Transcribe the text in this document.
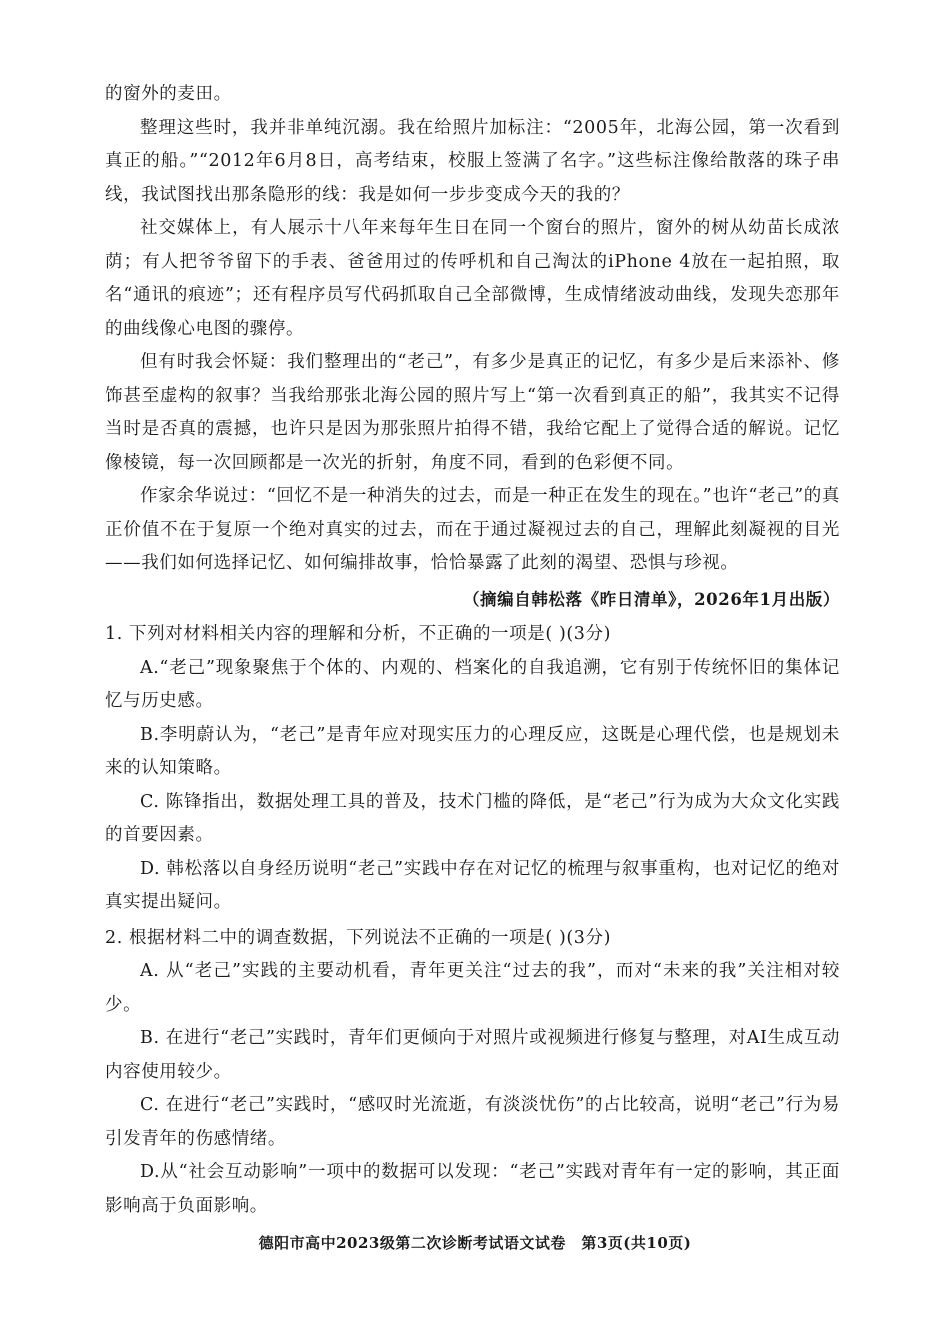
的窗外的麦田。

整理这些时，我并非单纯沉溺。我在给照片加标注：“2005年，北海公园，第一次看到真正的船。”“2012年6月8日，高考结束，校服上签满了名字。”这些标注像给散落的珠子串线，我试图找出那条隐形的线：我是如何一步步变成今天的我的？

社交媒体上，有人展示十八年来每年生日在同一个窗台的照片，窗外的树从幼苗长成浓荫；有人把爷爷留下的手表、爸爸用过的传呼机和自己淘汰的iPhone 4放在一起拍照，取名“通讯的痕迹”；还有程序员写代码抓取自己全部微博，生成情绪波动曲线，发现失恋那年的曲线像心电图的骤停。

但有时我会怀疑：我们整理出的“老己”，有多少是真正的记忆，有多少是后来添补、修饰甚至虚构的叙事？当我给那张北海公园的照片写上“第一次看到真正的船”，我其实不记得当时是否真的震撼，也许只是因为那张照片拍得不错，我给它配上了觉得合适的解说。记忆像棱镜，每一次回顾都是一次光的折射，角度不同，看到的色彩便不同。

作家余华说过：“回忆不是一种消失的过去，而是一种正在发生的现在。”也许“老己”的真正价值不在于复原一个绝对真实的过去，而在于通过凝视过去的自己，理解此刻凝视的目光——我们如何选择记忆、如何编排故事，恰恰暴露了此刻的渴望、恐惧与珍视。

（摘编自韩松落《昨日清单》，2026年1月出版）

1. 下列对材料相关内容的理解和分析，不正确的一项是( )(3分)

A.“老己”现象聚焦于个体的、内观的、档案化的自我追溯，它有别于传统怀旧的集体记忆与历史感。

B.李明蔚认为，“老己”是青年应对现实压力的心理反应，这既是心理代偿，也是规划未来的认知策略。

C. 陈锋指出，数据处理工具的普及，技术门槛的降低，是“老己”行为成为大众文化实践的首要因素。

D. 韩松落以自身经历说明“老己”实践中存在对记忆的梳理与叙事重构，也对记忆的绝对真实提出疑问。

2. 根据材料二中的调查数据，下列说法不正确的一项是( )(3分)

A. 从“老己”实践的主要动机看，青年更关注“过去的我”，而对“未来的我”关注相对较少。

B. 在进行“老己”实践时，青年们更倾向于对照片或视频进行修复与整理，对AI生成互动内容使用较少。

C. 在进行“老己”实践时，“感叹时光流逝，有淡淡忧伤”的占比较高，说明“老己”行为易引发青年的伤感情绪。

D.从“社会互动影响”一项中的数据可以发现：“老己”实践对青年有一定的影响，其正面影响高于负面影响。

德阳市高中2023级第二次诊断考试语文试卷　第3页(共10页)
